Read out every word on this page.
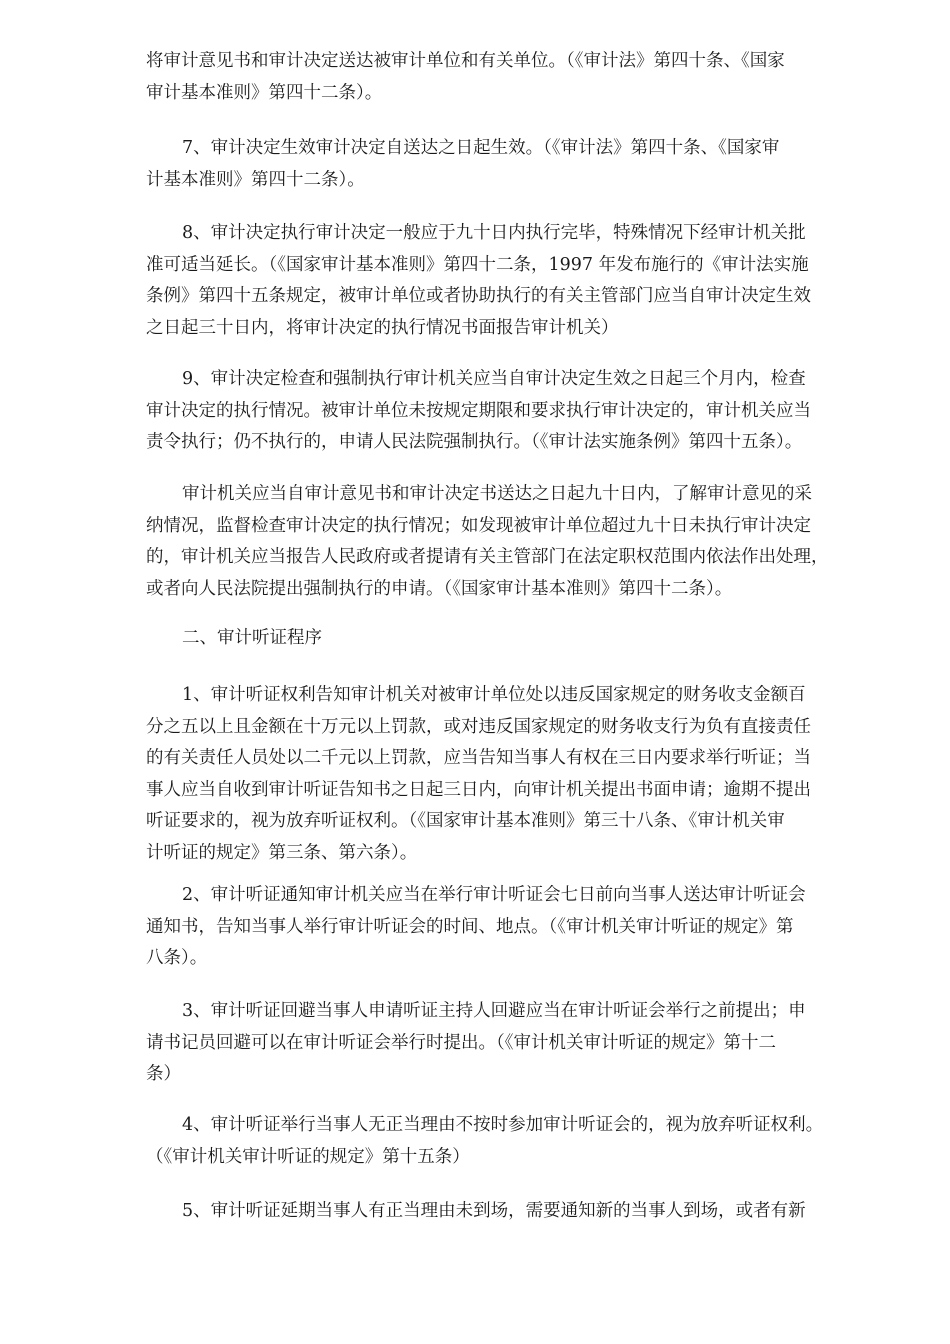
将审计意见书和审计决定送达被审计单位和有关单位。（《审计法》第四十条、《国家
审计基本准则》第四十二条）。

7、审计决定生效审计决定自送达之日起生效。（《审计法》第四十条、《国家审
计基本准则》第四十二条）。

8、审计决定执行审计决定一般应于九十日内执行完毕，特殊情况下经审计机关批
准可适当延长。（《国家审计基本准则》第四十二条，1997 年发布施行的《审计法实施
条例》第四十五条规定，被审计单位或者协助执行的有关主管部门应当自审计决定生效
之日起三十日内，将审计决定的执行情况书面报告审计机关）

9、审计决定检查和强制执行审计机关应当自审计决定生效之日起三个月内，检查
审计决定的执行情况。被审计单位未按规定期限和要求执行审计决定的，审计机关应当
责令执行；仍不执行的，申请人民法院强制执行。（《审计法实施条例》第四十五条）。

审计机关应当自审计意见书和审计决定书送达之日起九十日内，了解审计意见的采
纳情况，监督检查审计决定的执行情况；如发现被审计单位超过九十日未执行审计决定
的，审计机关应当报告人民政府或者提请有关主管部门在法定职权范围内依法作出处理，
或者向人民法院提出强制执行的申请。（《国家审计基本准则》第四十二条）。

二、审计听证程序

1、审计听证权利告知审计机关对被审计单位处以违反国家规定的财务收支金额百
分之五以上且金额在十万元以上罚款，或对违反国家规定的财务收支行为负有直接责任
的有关责任人员处以二千元以上罚款，应当告知当事人有权在三日内要求举行听证；当
事人应当自收到审计听证告知书之日起三日内，向审计机关提出书面申请；逾期不提出
听证要求的，视为放弃听证权利。（《国家审计基本准则》第三十八条、《审计机关审
计听证的规定》第三条、第六条）。

2、审计听证通知审计机关应当在举行审计听证会七日前向当事人送达审计听证会
通知书，告知当事人举行审计听证会的时间、地点。（《审计机关审计听证的规定》第
八条）。

3、审计听证回避当事人申请听证主持人回避应当在审计听证会举行之前提出；申
请书记员回避可以在审计听证会举行时提出。（《审计机关审计听证的规定》第十二
条）

4、审计听证举行当事人无正当理由不按时参加审计听证会的，视为放弃听证权利。
（《审计机关审计听证的规定》第十五条）

5、审计听证延期当事人有正当理由未到场，需要通知新的当事人到场，或者有新
